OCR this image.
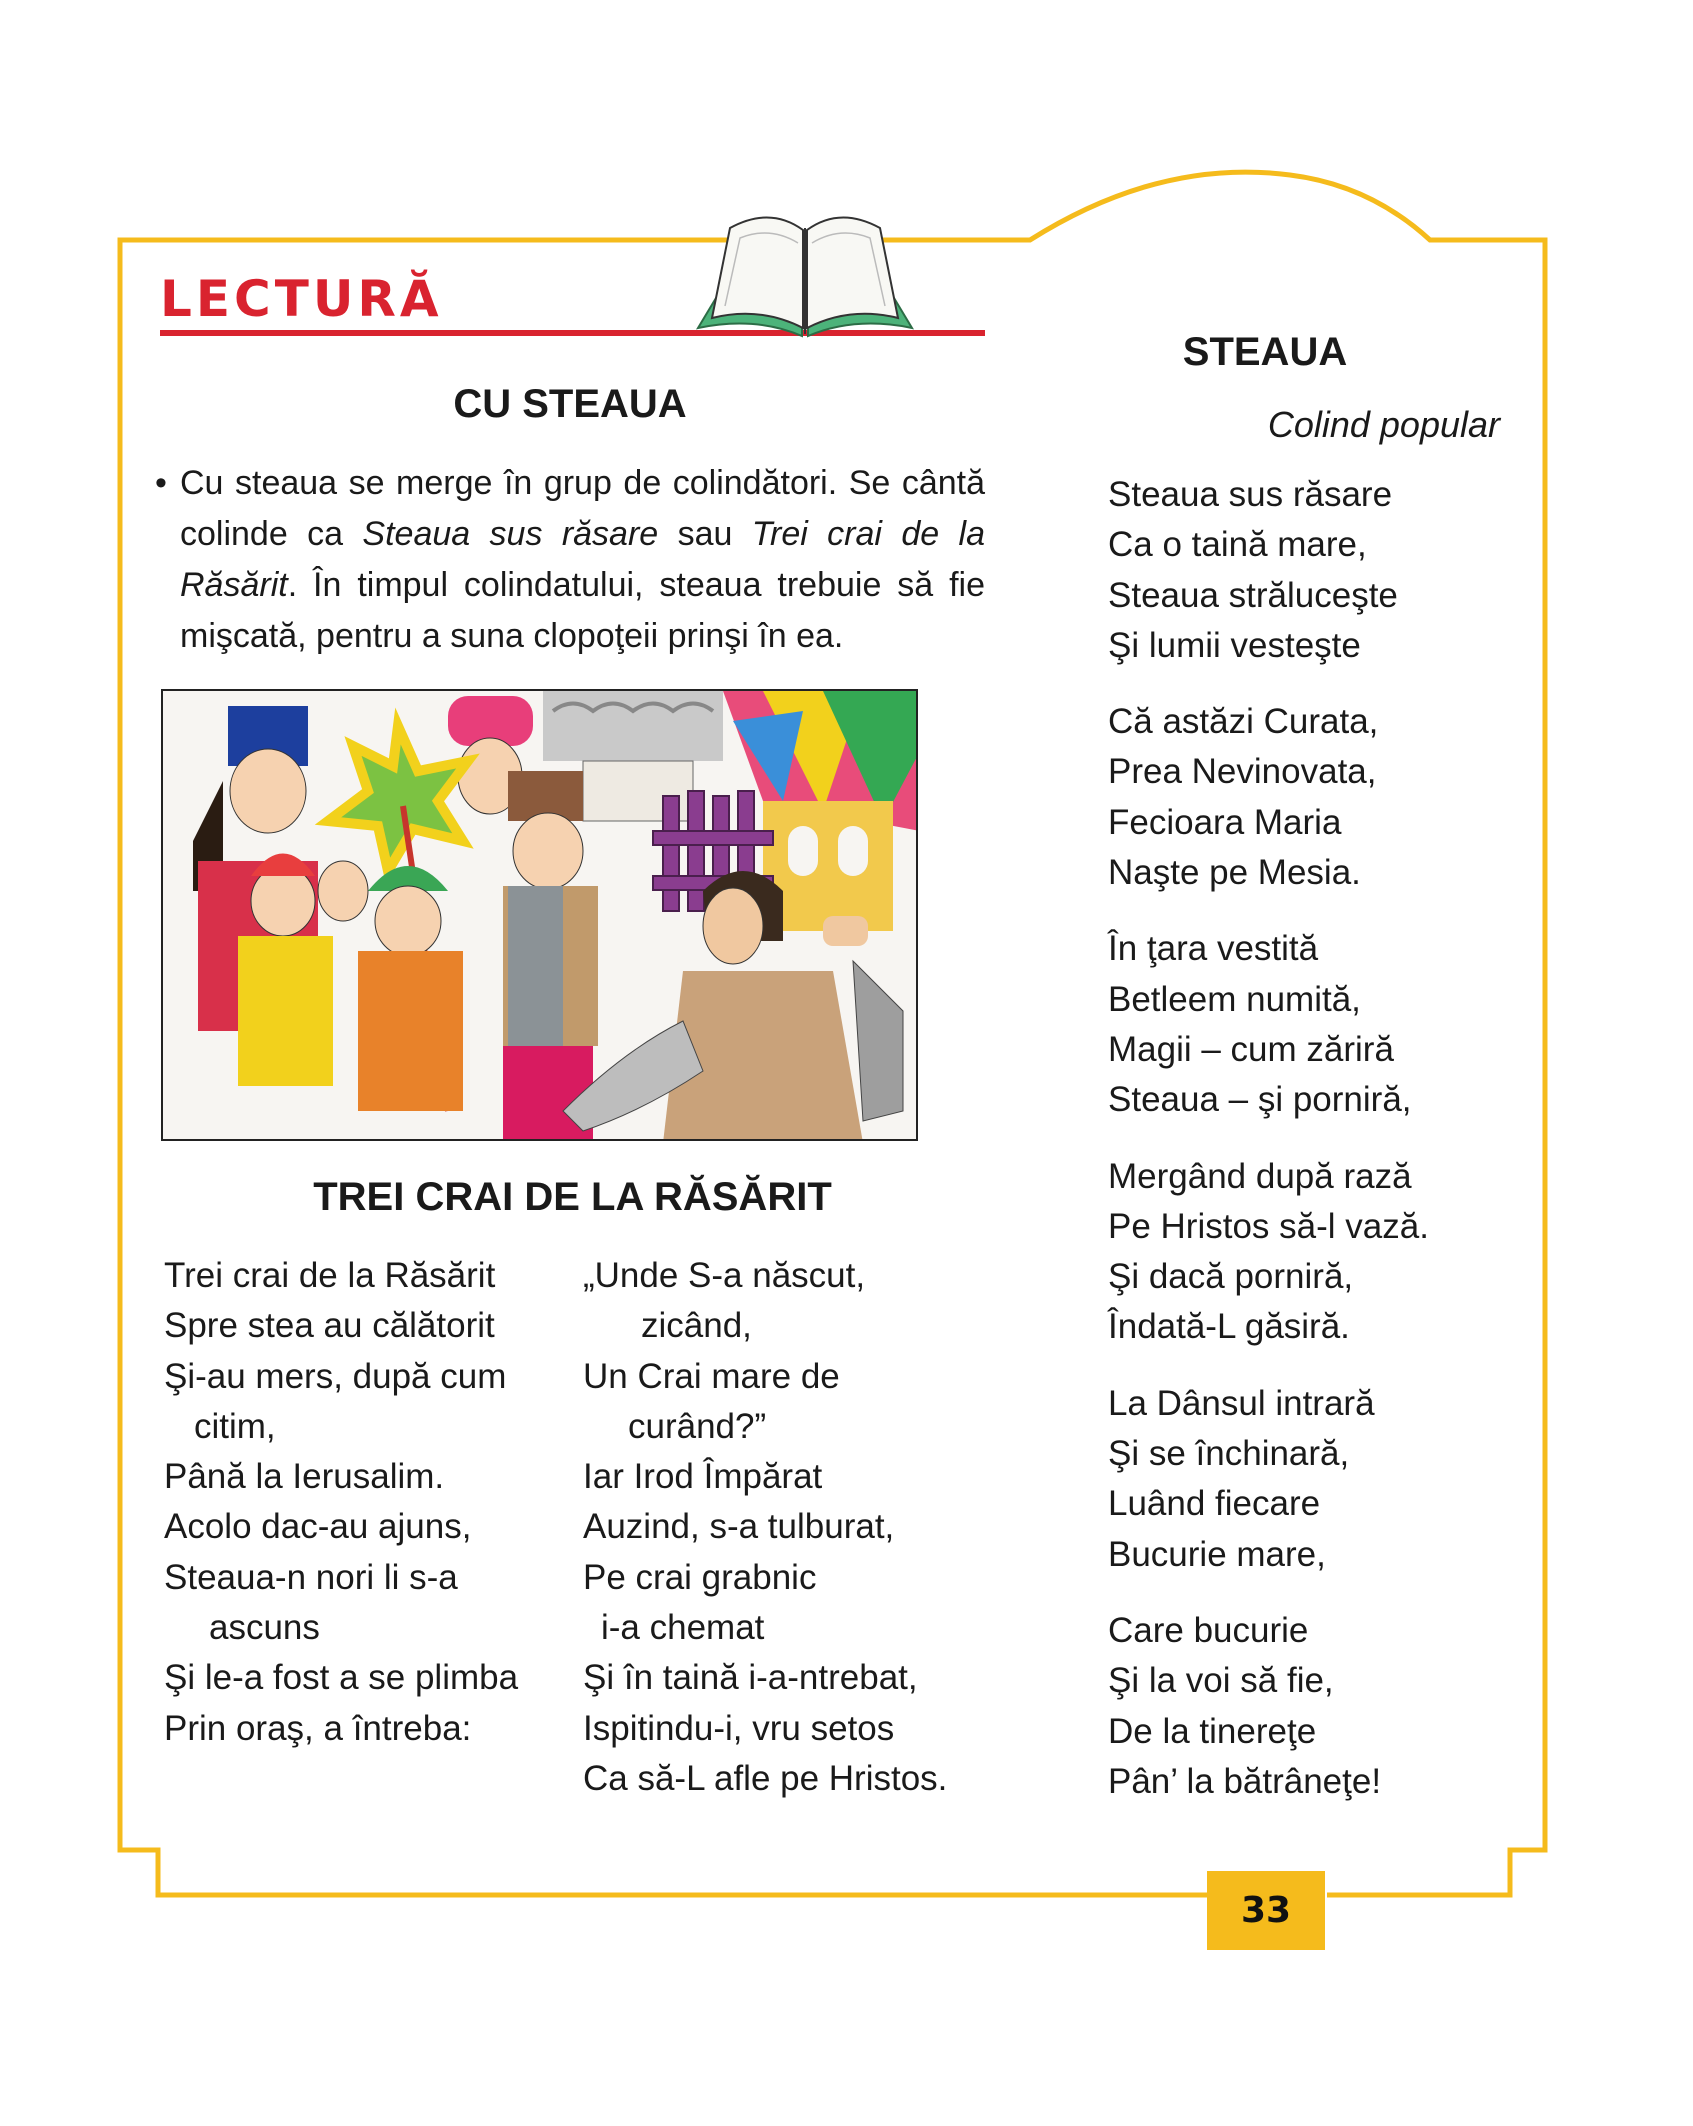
LECTURĂ
CU STEAUA
• Cu steaua se merge în grup de colindători. Se cântă colinde ca Steaua sus răsare sau Trei crai de la Răsărit. În timpul colindatului, steaua trebuie să fie mişcată, pentru a suna clopoţeii prinşi în ea.
TREI CRAI DE LA RĂSĂRIT
Trei crai de la Răsărit
Spre stea au călătorit
Şi-au mers, după cum
citim,
Până la Ierusalim.
Acolo dac-au ajuns,
Steaua-n nori li s-a
ascuns
Şi le-a fost a se plimba
Prin oraş, a întreba:
„Unde S-a născut,
zicând,
Un Crai mare de
curând?”
Iar Irod Împărat
Auzind, s-a tulburat,
Pe crai grabnic
i-a chemat
Şi în taină i-a-ntrebat,
Ispitindu-i, vru setos
Ca să-L afle pe Hristos.
STEAUA
Colind popular
Steaua sus răsare
Ca o taină mare,
Steaua străluceşte
Şi lumii vesteşte
Că astăzi Curata,
Prea Nevinovata,
Fecioara Maria
Naşte pe Mesia.
În ţara vestită
Betleem numită,
Magii – cum zăriră
Steaua – şi porniră,
Mergând după rază
Pe Hristos să-l vază.
Şi dacă porniră,
Îndată-L găsiră.
La Dânsul intrară
Şi se închinară,
Luând fiecare
Bucurie mare,
Care bucurie
Şi la voi să fie,
De la tinereţe
Pân’ la bătrâneţe!
33
